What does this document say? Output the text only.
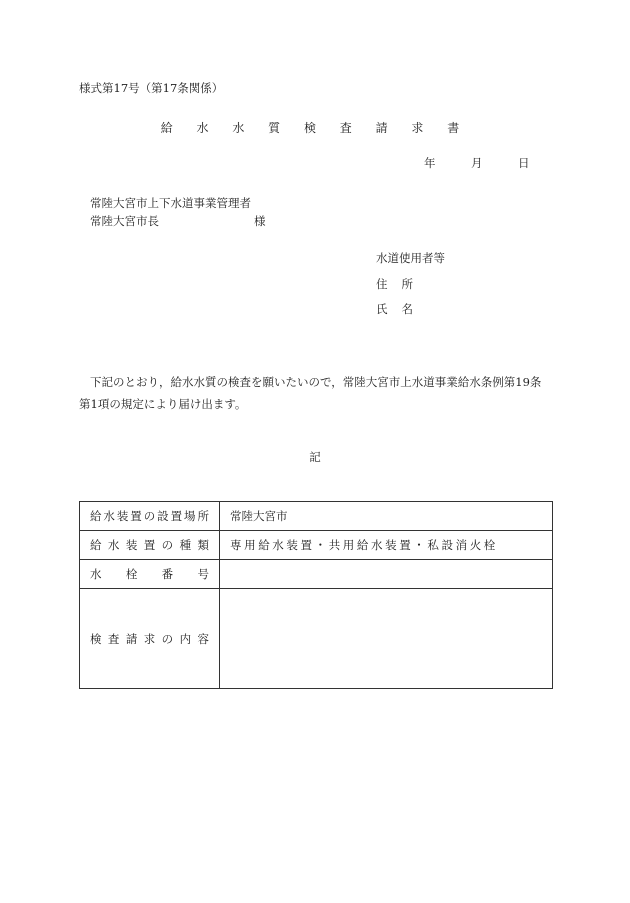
様式第17号（第17条関係）
給 水 水 質 検 査 請 求 書
年	月	日
常陸大宮市上下水道事業管理者
常陸大宮市長	様
水道使用者等
住所
氏名
下記のとおり，給水水質の検査を願いたいので，常陸大宮市上水道事業給水条例第19条
第1項の規定により届け出ます。
記
給水装置の設置場所	常陸大宮市
給水装置の種類	専用給水装置・共用給水装置・私設消火栓
水栓番号	
検査請求の内容	
